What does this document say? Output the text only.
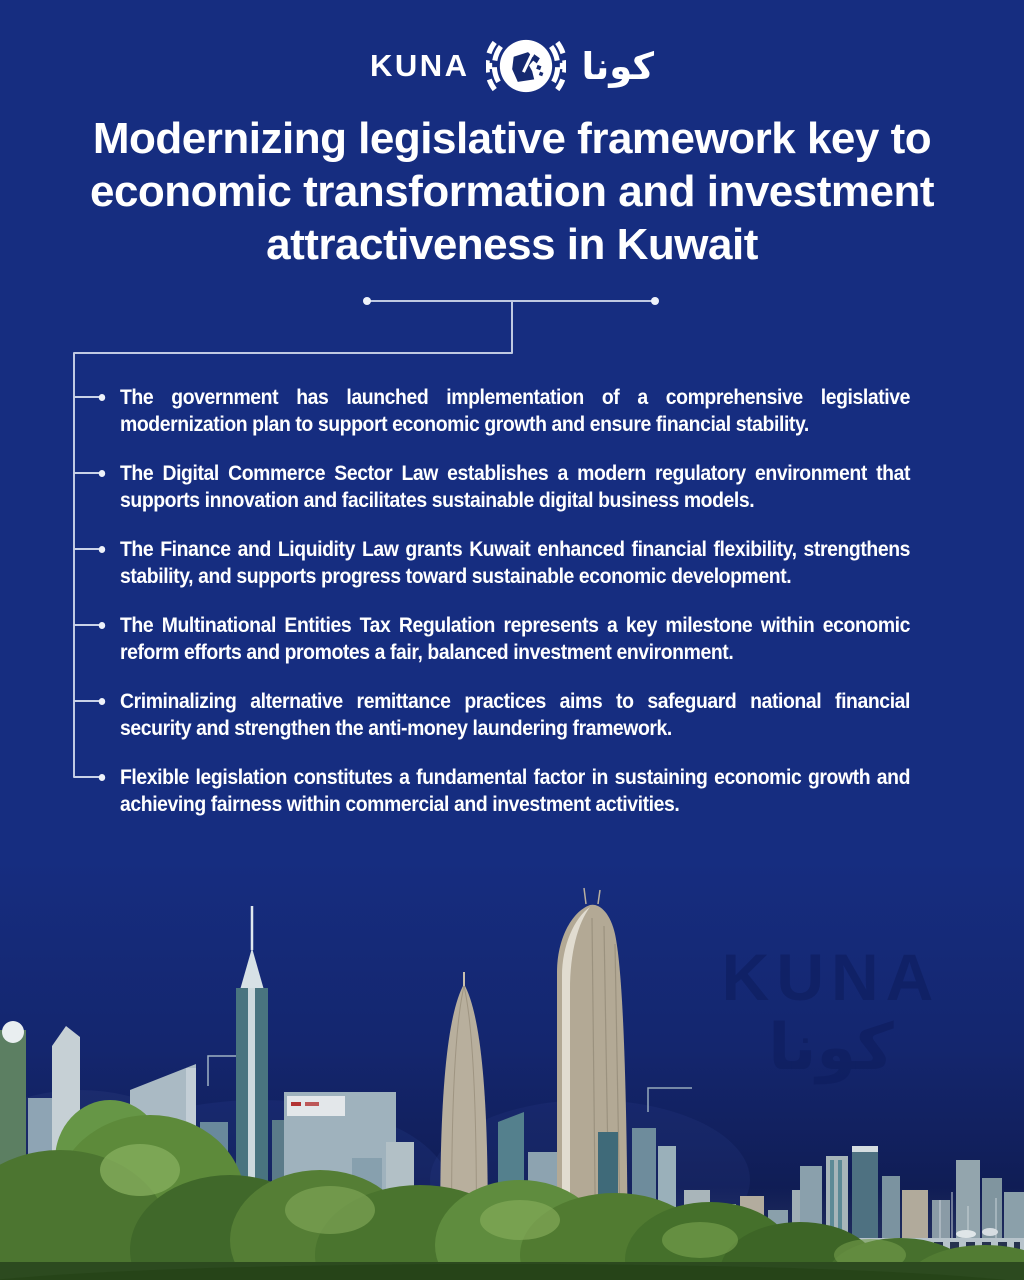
KUNA	كونا
Modernizing legislative framework key to
economic transformation and investment
attractiveness in Kuwait

The government has launched implementation of a comprehensive legislative modernization plan to support economic growth and ensure financial stability.

The Digital Commerce Sector Law establishes a modern regulatory environment that supports innovation and facilitates sustainable digital business models.

The Finance and Liquidity Law grants Kuwait enhanced financial flexibility, strengthens stability, and supports progress toward sustainable economic development.

The Multinational Entities Tax Regulation represents a key milestone within economic reform efforts and promotes a fair, balanced investment environment.

Criminalizing alternative remittance practices aims to safeguard national financial security and strengthen the anti-money laundering framework.

Flexible legislation constitutes a fundamental factor in sustaining economic growth and achieving fairness within commercial and investment activities.

KUNA
كونا
